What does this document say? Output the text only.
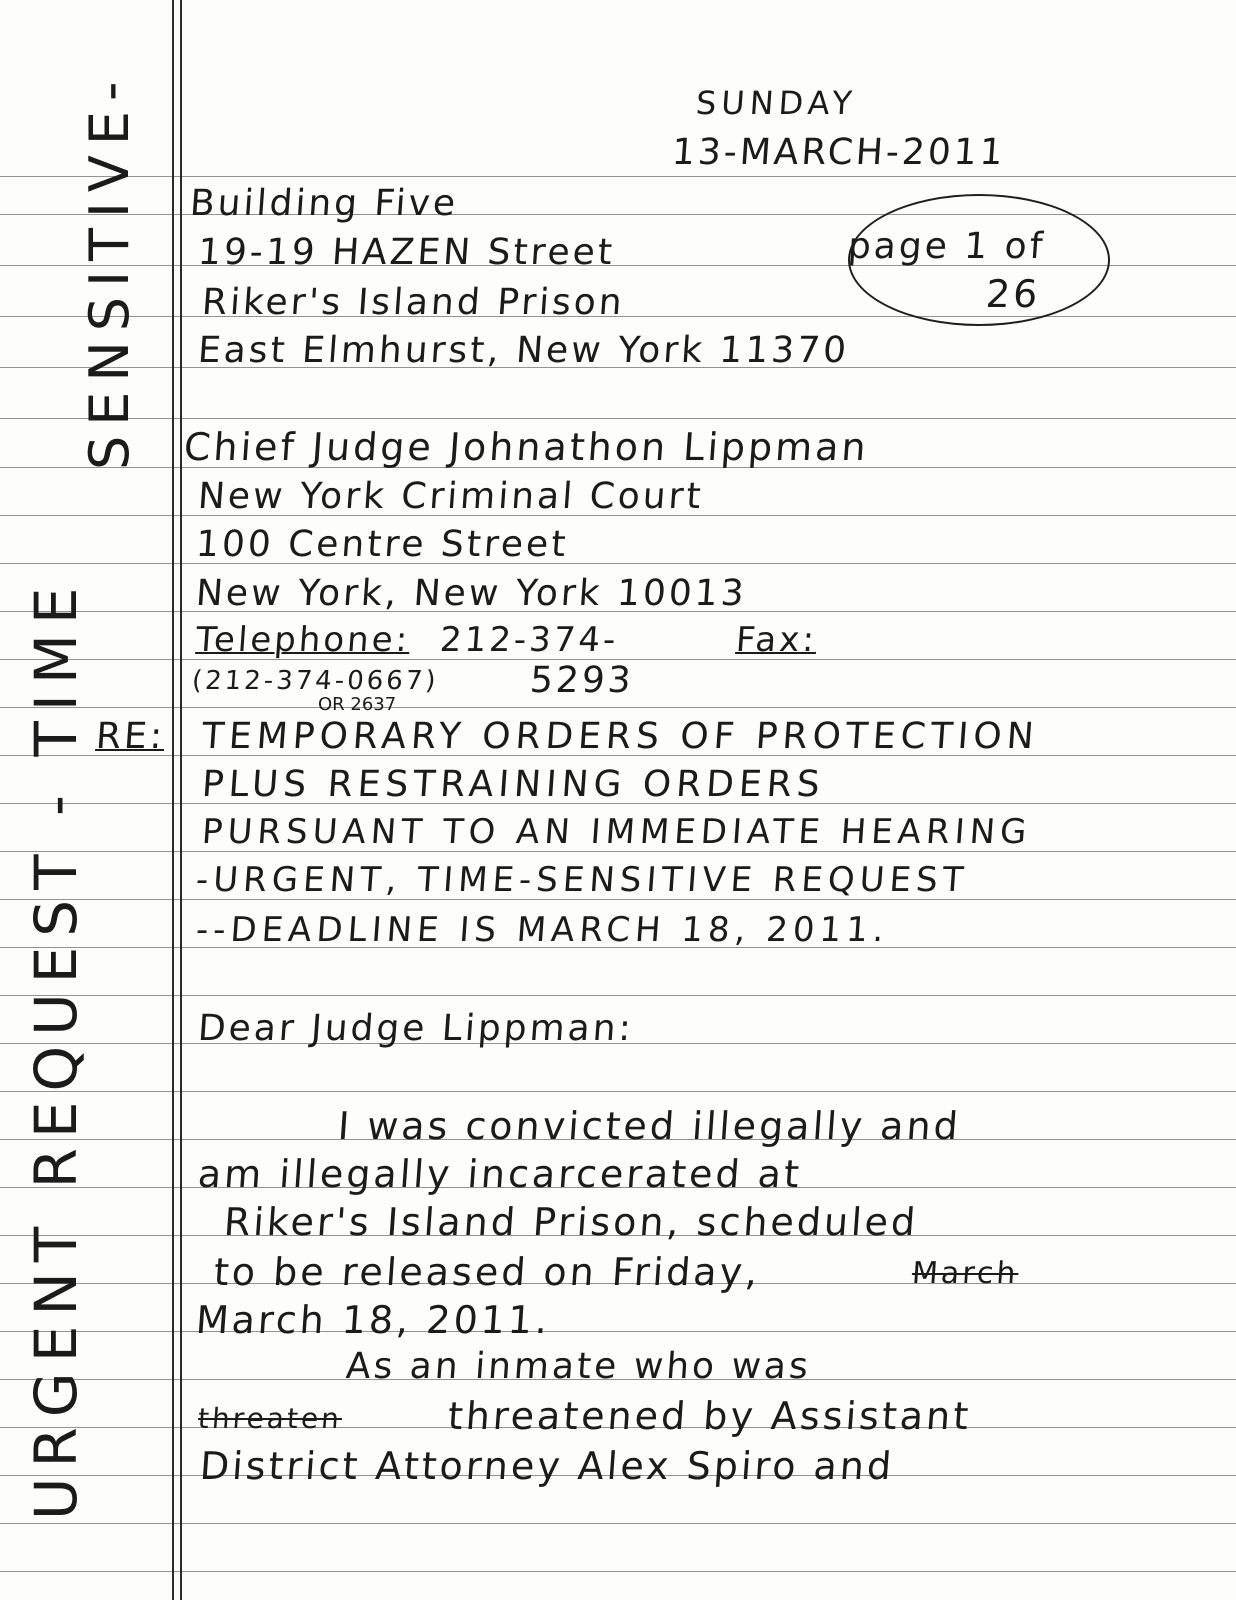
URGENT REQUEST - TIME
SENSITIVE-	SUNDAY
13-MARCH-2011
page 1 of
26
Building Five
19-19 HAZEN Street
Riker's Island Prison
East Elmhurst, New York 11370
Chief Judge Johnathon Lippman
New York Criminal Court
100 Centre Street
New York, New York 10013
Telephone: 212-374-	Fax:
(212-374-0667) 5293
OR 2637
RE: TEMPORARY ORDERS OF PROTECTION
PLUS RESTRAINING ORDERS
PURSUANT TO AN IMMEDIATE HEARING
-URGENT, TIME-SENSITIVE REQUEST
--DEADLINE IS MARCH 18, 2011.
Dear Judge Lippman:
I was convicted illegally and
am illegally incarcerated at
Riker's Island Prison, scheduled
to be released on Friday,	March
March 18, 2011.
As an inmate who was
threaten	threatened by Assistant
District Attorney Alex Spiro and
